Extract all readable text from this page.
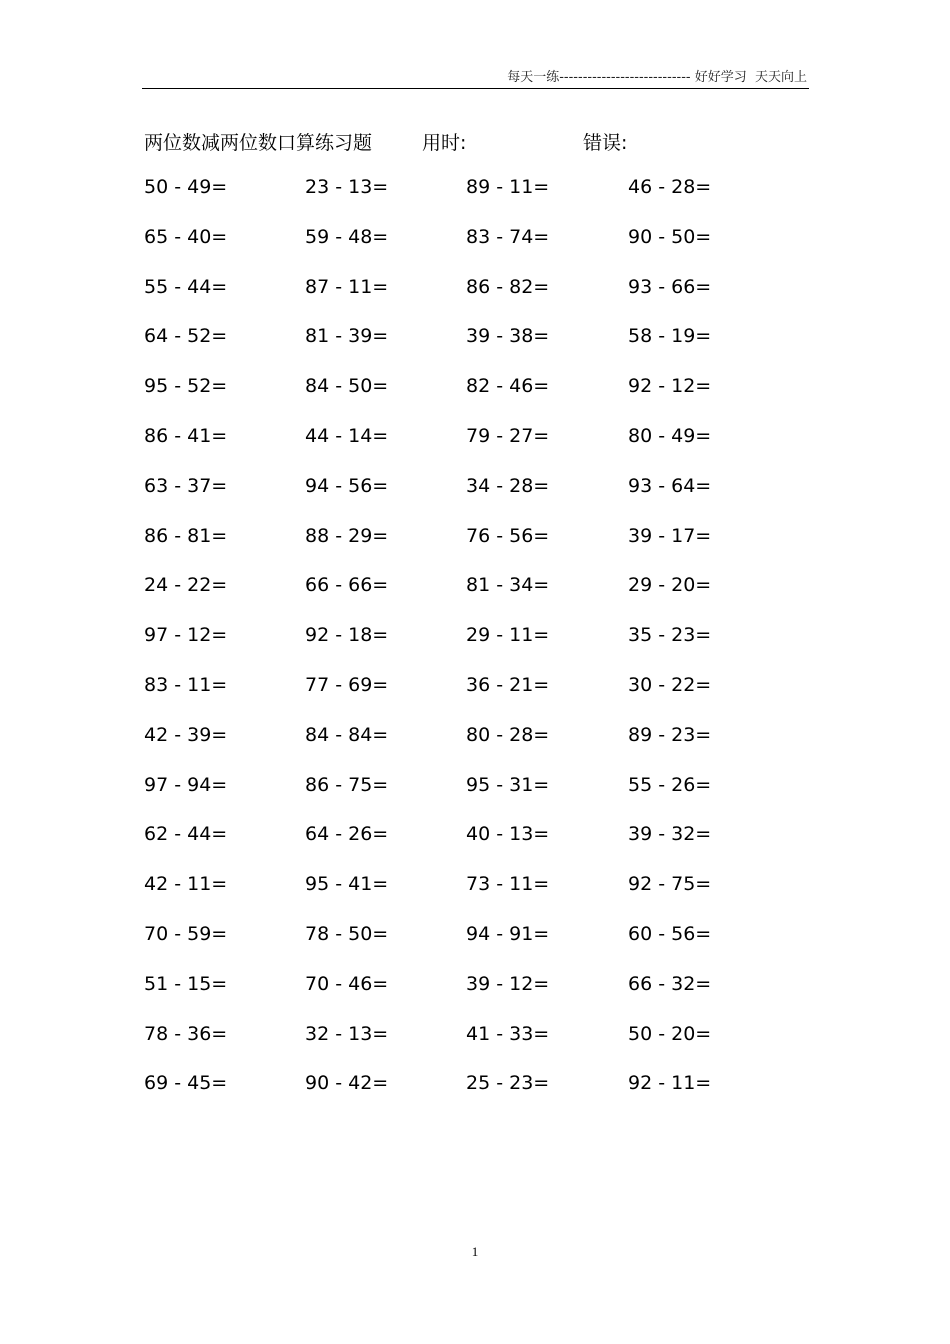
每天一练---------------------------- 好好学习  天天向上
两位数减两位数口算练习题	用时:	错误:
50 - 49=	23 - 13=	89 - 11=	46 - 28=
65 - 40=	59 - 48=	83 - 74=	90 - 50=
55 - 44=	87 - 11=	86 - 82=	93 - 66=
64 - 52=	81 - 39=	39 - 38=	58 - 19=
95 - 52=	84 - 50=	82 - 46=	92 - 12=
86 - 41=	44 - 14=	79 - 27=	80 - 49=
63 - 37=	94 - 56=	34 - 28=	93 - 64=
86 - 81=	88 - 29=	76 - 56=	39 - 17=
24 - 22=	66 - 66=	81 - 34=	29 - 20=
97 - 12=	92 - 18=	29 - 11=	35 - 23=
83 - 11=	77 - 69=	36 - 21=	30 - 22=
42 - 39=	84 - 84=	80 - 28=	89 - 23=
97 - 94=	86 - 75=	95 - 31=	55 - 26=
62 - 44=	64 - 26=	40 - 13=	39 - 32=
42 - 11=	95 - 41=	73 - 11=	92 - 75=
70 - 59=	78 - 50=	94 - 91=	60 - 56=
51 - 15=	70 - 46=	39 - 12=	66 - 32=
78 - 36=	32 - 13=	41 - 33=	50 - 20=
69 - 45=	90 - 42=	25 - 23=	92 - 11=
1
